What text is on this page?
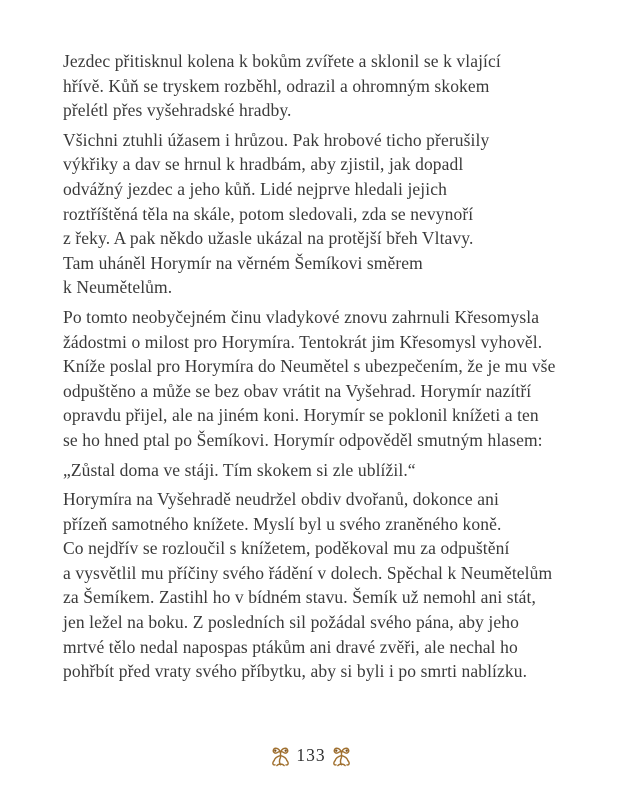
Jezdec přitisknul kolena k bokům zvířete a sklonil se k vlající
hřívě. Kůň se tryskem rozběhl, odrazil a ohromným skokem
přelétl přes vyšehradské hradby.

Všichni ztuhli úžasem i hrůzou. Pak hrobové ticho přerušily
výkřiky a dav se hrnul k hradbám, aby zjistil, jak dopadl
odvážný jezdec a jeho kůň. Lidé nejprve hledali jejich
roztříštěná těla na skále, potom sledovali, zda se nevynoří
z řeky. A pak někdo užasle ukázal na protější břeh Vltavy.
Tam uháněl Horymír na věrném Šemíkovi směrem
k Neumětelům.

Po tomto neobyčejném činu vladykové znovu zahrnuli Křesomysla
žádostmi o milost pro Horymíra. Tentokrát jim Křesomysl vyhověl.
Kníže poslal pro Horymíra do Neumětel s ubezpečením, že je mu vše
odpuštěno a může se bez obav vrátit na Vyšehrad. Horymír nazítří
opravdu přijel, ale na jiném koni. Horymír se poklonil knížeti a ten
se ho hned ptal po Šemíkovi. Horymír odpověděl smutným hlasem:

„Zůstal doma ve stáji. Tím skokem si zle ublížil.“

Horymíra na Vyšehradě neudržel obdiv dvořanů, dokonce ani
přízeň samotného knížete. Myslí byl u svého zraněného koně.
Co nejdřív se rozloučil s knížetem, poděkoval mu za odpuštění
a vysvětlil mu příčiny svého řádění v dolech. Spěchal k Neumětelům
za Šemíkem. Zastihl ho v bídném stavu. Šemík už nemohl ani stát,
jen ležel na boku. Z posledních sil požádal svého pána, aby jeho
mrtvé tělo nedal napospas ptákům ani dravé zvěři, ale nechal ho
pohřbít před vraty svého příbytku, aby si byli i po smrti nablízku.

133
